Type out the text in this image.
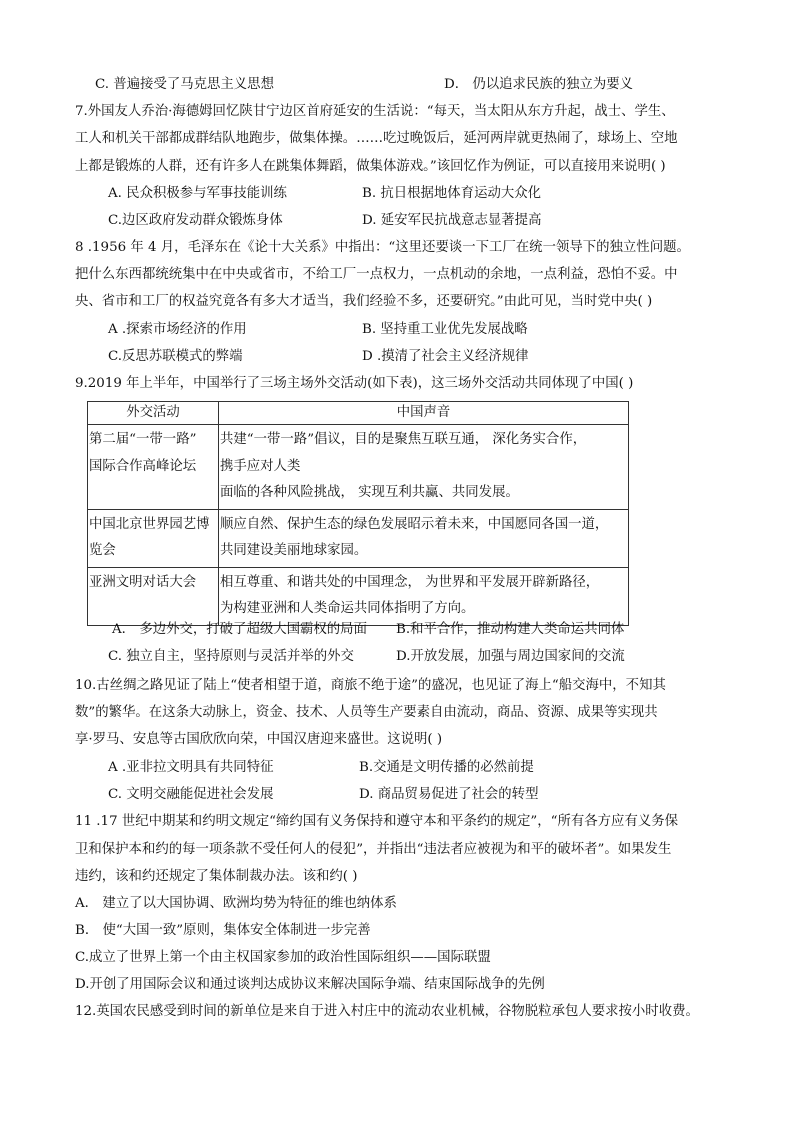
C. 普遍接受了马克思主义思想	D． 仍以追求民族的独立为要义
7.外国友人乔治·海德姆回忆陕甘宁边区首府延安的生活说：“每天，当太阳从东方升起，战士、学生、
工人和机关干部都成群结队地跑步，做集体操。……吃过晚饭后，延河两岸就更热闹了，球场上、空地
上都是锻炼的人群，还有许多人在跳集体舞蹈，做集体游戏。”该回忆作为例证，可以直接用来说明( )
A. 民众积极参与军事技能训练	B. 抗日根据地体育运动大众化
C.边区政府发动群众锻炼身体	D. 延安军民抗战意志显著提高
8 .1956 年 4 月，毛泽东在《论十大关系》中指出：“这里还要谈一下工厂在统一领导下的独立性问题。
把什么东西都统统集中在中央或省市，不给工厂一点权力，一点机动的余地，一点利益，恐怕不妥。中
央、省市和工厂的权益究竟各有多大才适当，我们经验不多，还要研究。”由此可见，当时党中央( )
A .探索市场经济的作用	B. 坚持重工业优先发展战略
C.反思苏联模式的弊端	D .摸清了社会主义经济规律
9.2019 年上半年，中国举行了三场主场外交活动(如下表)，这三场外交活动共同体现了中国( )
外交活动	中国声音

第二届“一带一路”
国际合作高峰论坛	共建“一带一路”倡议，目的是聚焦互联互通， 深化务实合作，
携手应对人类
面临的各种风险挑战， 实现互利共赢、共同发展。

中国北京世界园艺博
览会	顺应自然、保护生态的绿色发展昭示着未来，中国愿同各国一道，
共同建设美丽地球家园。

亚洲文明对话大会	相互尊重、和谐共处的中国理念， 为世界和平发展开辟新路径，
为构建亚洲和人类命运共同体指明了方向。
A． 多边外交，打破了超级大国霸权的局面 B.和平合作，推动构建人类命运共同体
C. 独立自主，坚持原则与灵活并举的外交	D.开放发展，加强与周边国家间的交流
10.古丝绸之路见证了陆上“使者相望于道，商旅不绝于途”的盛况，也见证了海上“船交海中，不知其
数”的繁华。在这条大动脉上，资金、技术、人员等生产要素自由流动，商品、资源、成果等实现共
享·罗马、安息等古国欣欣向荣，中国汉唐迎来盛世。这说明( )
A .亚非拉文明具有共同特征	B.交通是文明传播的必然前提
C. 文明交融能促进社会发展	D. 商品贸易促进了社会的转型
11 .17 世纪中期某和约明文规定“缔约国有义务保持和遵守本和平条约的规定”，“所有各方应有义务保
卫和保护本和约的每一项条款不受任何人的侵犯”，并指出“违法者应被视为和平的破坏者”。如果发生
违约，该和约还规定了集体制裁办法。该和约( )
A． 建立了以大国协调、欧洲均势为特征的维也纳体系
B． 使“大国一致”原则，集体安全体制进一步完善
C.成立了世界上第一个由主权国家参加的政治性国际组织——国际联盟
D.开创了用国际会议和通过谈判达成协议来解决国际争端、结束国际战争的先例
12.英国农民感受到时间的新单位是来自于进入村庄中的流动农业机械，谷物脱粒承包人要求按小时收费。
